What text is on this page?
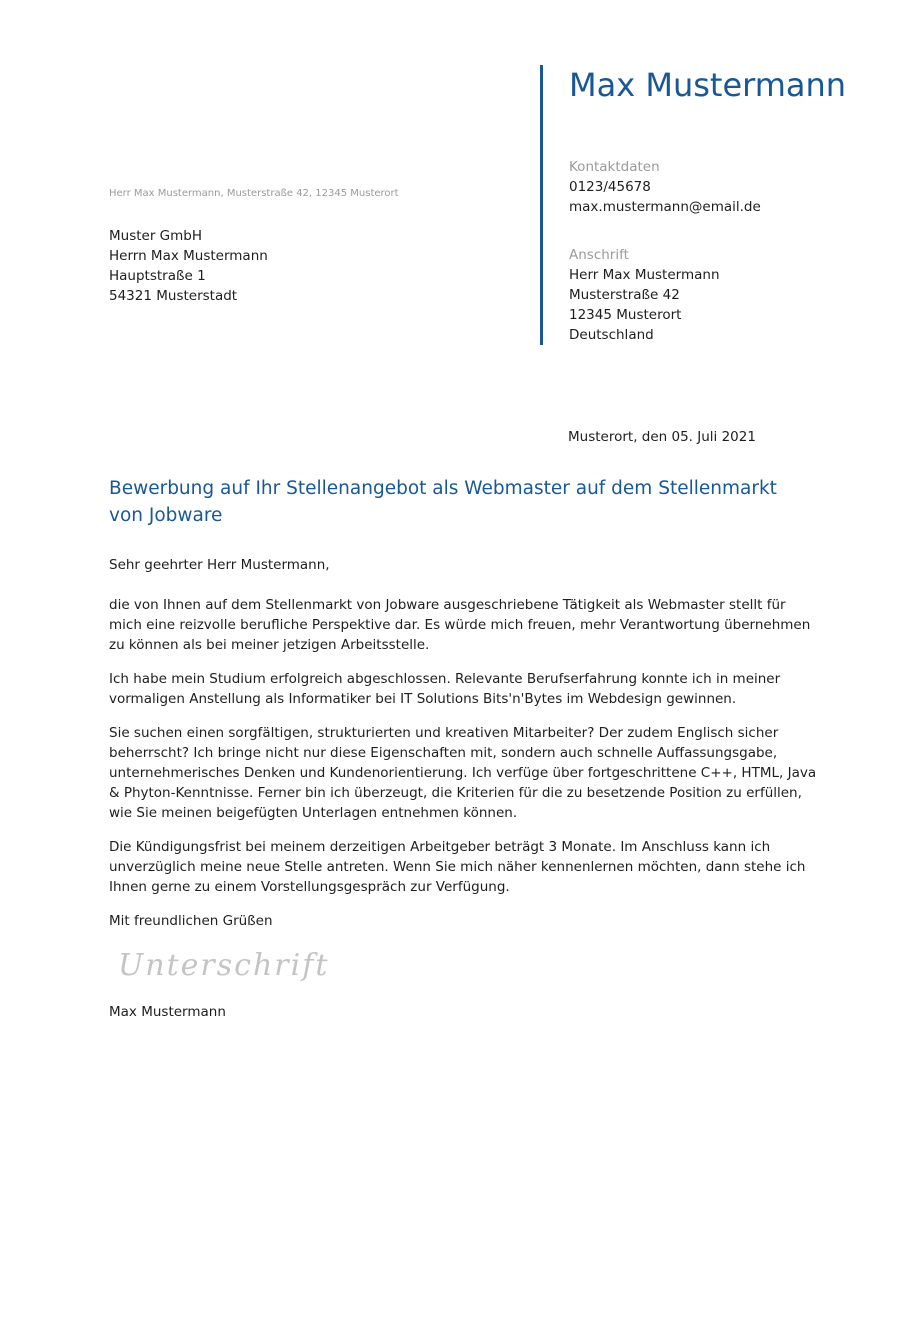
Max Mustermann
Kontaktdaten
0123/45678
max.mustermann@email.de
Anschrift
Herr Max Mustermann
Musterstraße 42
12345 Musterort
Deutschland
Herr Max Mustermann, Musterstraße 42, 12345 Musterort
Muster GmbH
Herrn Max Mustermann
Hauptstraße 1
54321 Musterstadt
Musterort, den 05. Juli 2021
Bewerbung auf Ihr Stellenangebot als Webmaster auf dem Stellenmarkt von Jobware

Sehr geehrter Herr Mustermann,

die von Ihnen auf dem Stellenmarkt von Jobware ausgeschriebene Tätigkeit als Webmaster stellt für mich eine reizvolle berufliche Perspektive dar. Es würde mich freuen, mehr Verantwortung übernehmen zu können als bei meiner jetzigen Arbeitsstelle.

Ich habe mein Studium erfolgreich abgeschlossen. Relevante Berufserfahrung konnte ich in meiner vormaligen Anstellung als Informatiker bei IT Solutions Bits'n'Bytes im Webdesign gewinnen.

Sie suchen einen sorgfältigen, strukturierten und kreativen Mitarbeiter? Der zudem Englisch sicher beherrscht? Ich bringe nicht nur diese Eigenschaften mit, sondern auch schnelle Auffassungsgabe, unternehmerisches Denken und Kundenorientierung. Ich verfüge über fortgeschrittene C++, HTML, Java & Phyton-Kenntnisse. Ferner bin ich überzeugt, die Kriterien für die zu besetzende Position zu erfüllen, wie Sie meinen beigefügten Unterlagen entnehmen können.

Die Kündigungsfrist bei meinem derzeitigen Arbeitgeber beträgt 3 Monate. Im Anschluss kann ich unverzüglich meine neue Stelle antreten. Wenn Sie mich näher kennenlernen möchten, dann stehe ich Ihnen gerne zu einem Vorstellungsgespräch zur Verfügung.

Mit freundlichen Grüßen

Unterschrift
Max Mustermann
